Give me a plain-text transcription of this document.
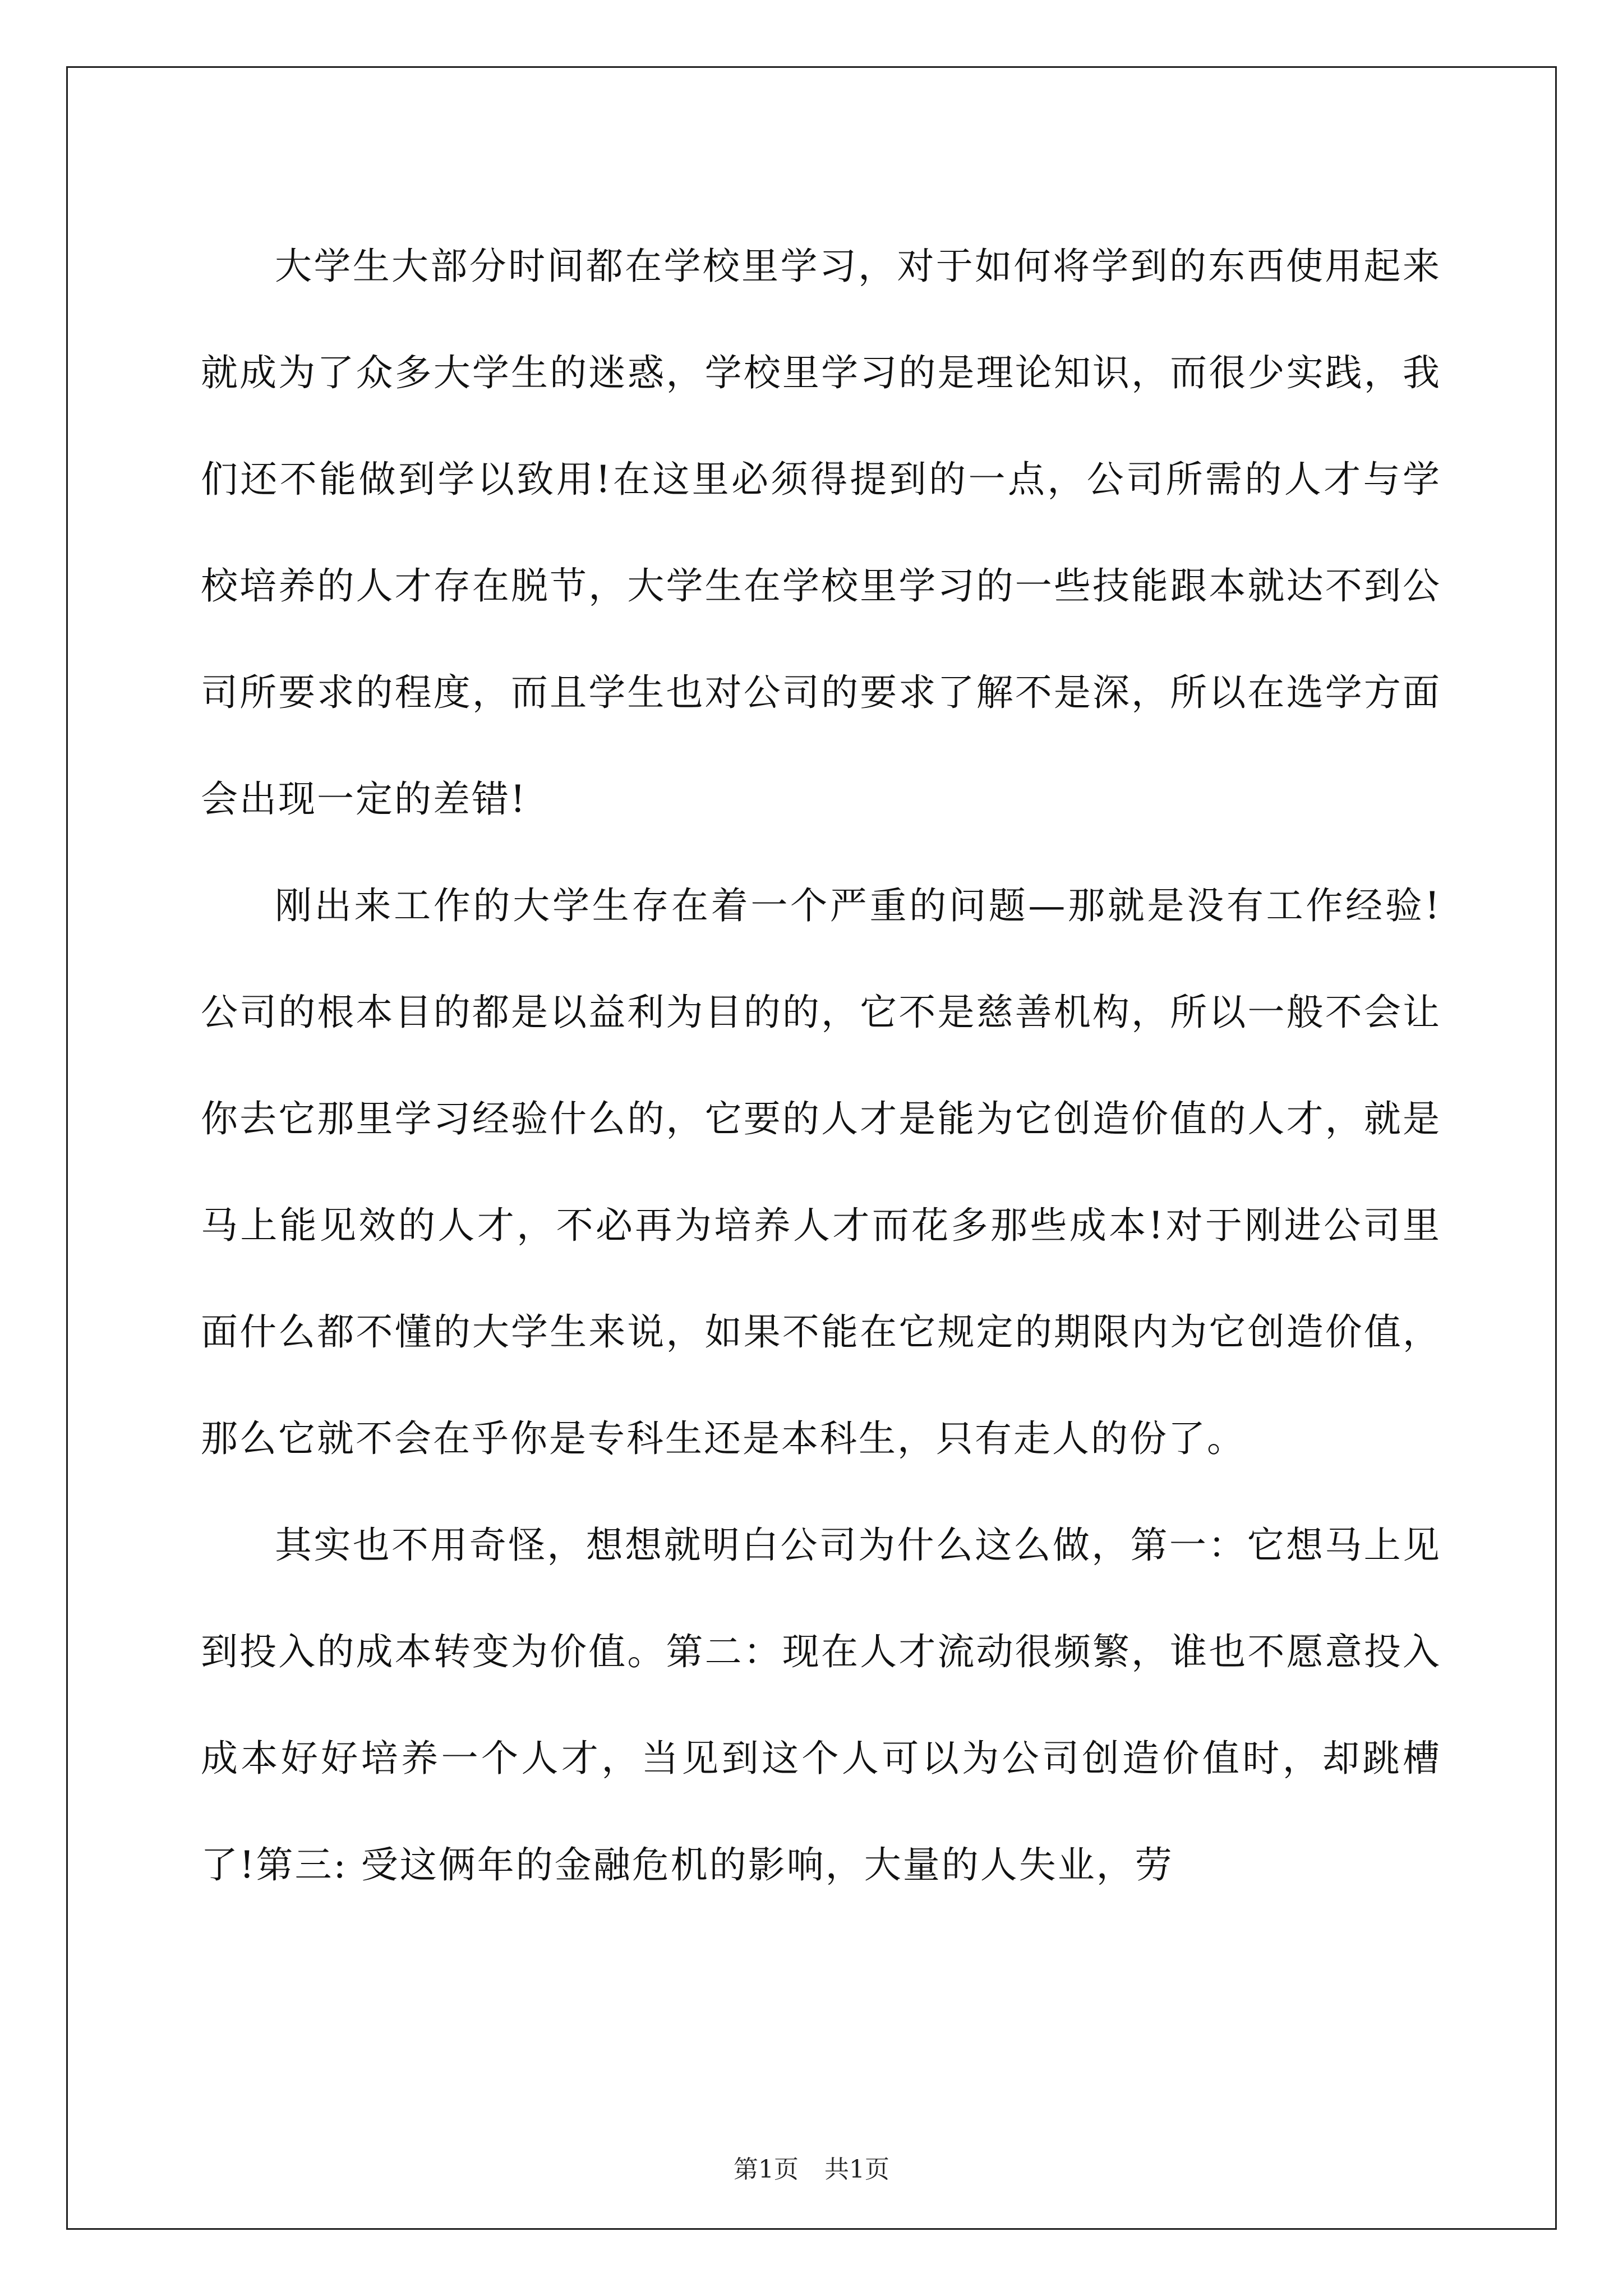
大学生大部分时间都在学校里学习，对于如何将学到的东西使用起来就成为了众多大学生的迷惑，学校里学习的是理论知识，而很少实践，我们还不能做到学以致用!在这里必须得提到的一点，公司所需的人才与学校培养的人才存在脱节，大学生在学校里学习的一些技能跟本就达不到公司所要求的程度，而且学生也对公司的要求了解不是深，所以在选学方面会出现一定的差错!

刚出来工作的大学生存在着一个严重的问题—那就是没有工作经验!公司的根本目的都是以益利为目的的，它不是慈善机构，所以一般不会让你去它那里学习经验什么的，它要的人才是能为它创造价值的人才，就是马上能见效的人才，不必再为培养人才而花多那些成本!对于刚进公司里面什么都不懂的大学生来说，如果不能在它规定的期限内为它创造价值，那么它就不会在乎你是专科生还是本科生，只有走人的份了。

其实也不用奇怪，想想就明白公司为什么这么做，第一：它想马上见到投入的成本转变为价值。第二：现在人才流动很频繁，谁也不愿意投入成本好好培养一个人才，当见到这个人可以为公司创造价值时，却跳槽了!第三: 受这俩年的金融危机的影响，大量的人失业，劳

第1页 共1页
